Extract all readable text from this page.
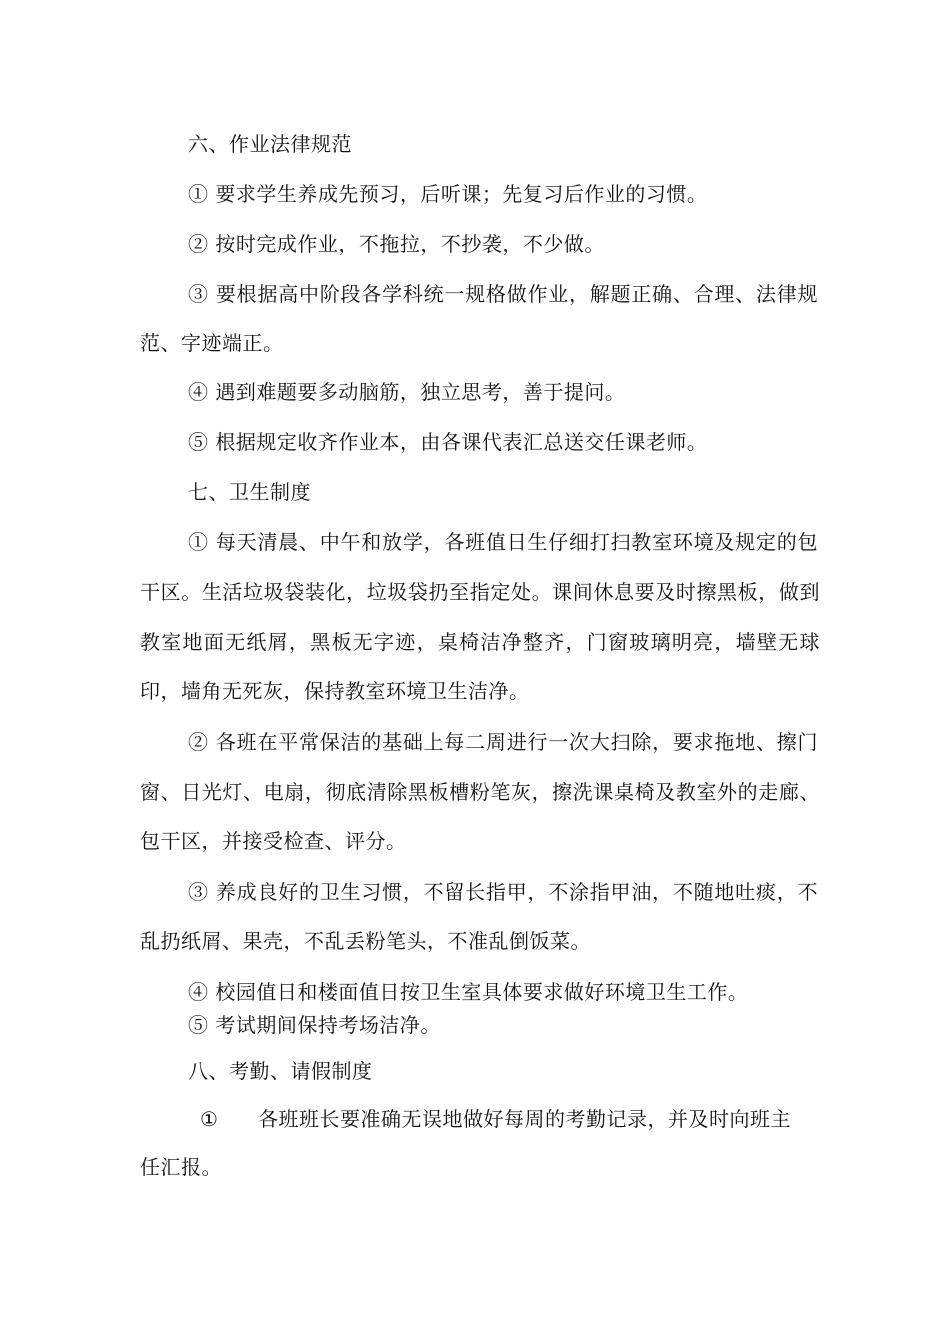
六、作业法律规范
① 要求学生养成先预习，后听课；先复习后作业的习惯。
② 按时完成作业，不拖拉，不抄袭，不少做。
③ 要根据高中阶段各学科统一规格做作业，解题正确、合理、法律规
范、字迹端正。
④ 遇到难题要多动脑筋，独立思考，善于提问。
⑤ 根据规定收齐作业本，由各课代表汇总送交任课老师。
七、卫生制度
① 每天清晨、中午和放学，各班值日生仔细打扫教室环境及规定的包
干区。生活垃圾袋装化，垃圾袋扔至指定处。课间休息要及时擦黑板，做到
教室地面无纸屑，黑板无字迹，桌椅洁净整齐，门窗玻璃明亮，墙壁无球
印，墙角无死灰，保持教室环境卫生洁净。
② 各班在平常保洁的基础上每二周进行一次大扫除，要求拖地、擦门
窗、日光灯、电扇，彻底清除黑板槽粉笔灰，擦洗课桌椅及教室外的走廊、
包干区，并接受检查、评分。
③ 养成良好的卫生习惯，不留长指甲，不涂指甲油，不随地吐痰，不
乱扔纸屑、果壳，不乱丢粉笔头，不准乱倒饭菜。
④ 校园值日和楼面值日按卫生室具体要求做好环境卫生工作。
⑤ 考试期间保持考场洁净。
八、考勤、请假制度
①	各班班长要准确无误地做好每周的考勤记录，并及时向班主
任汇报。
